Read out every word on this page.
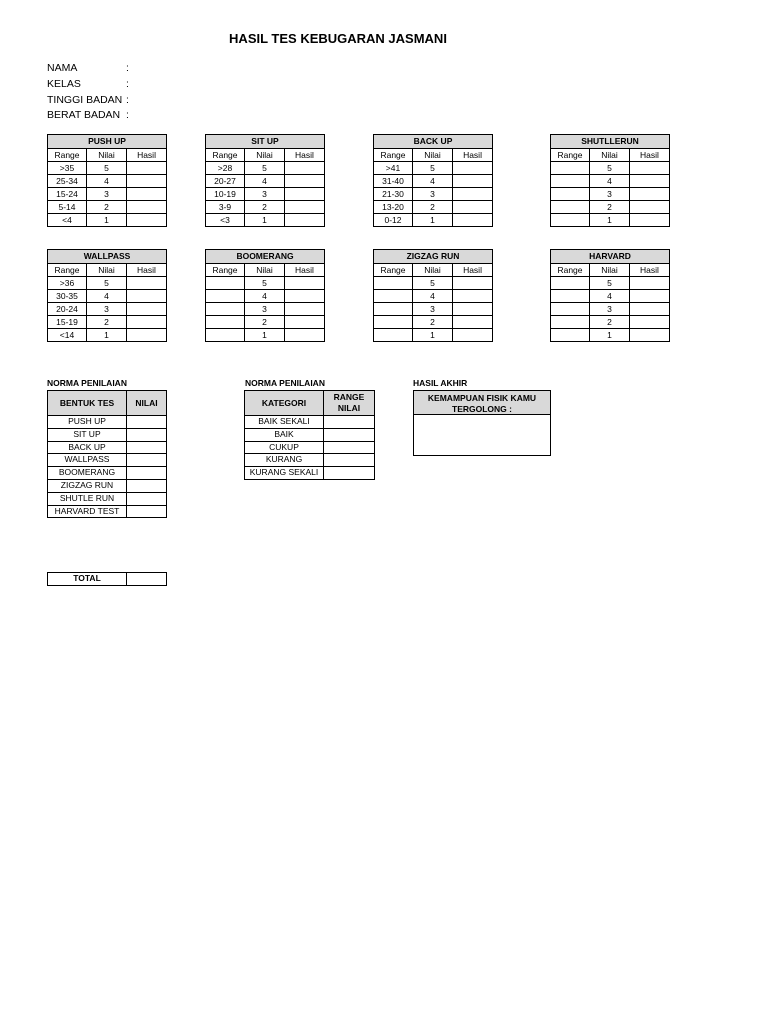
HASIL TES KEBUGARAN JASMANI
NAMA	:
KELAS	:
TINGGI BADAN :
BERAT BADAN :
PUSH UP		
Range	Nilai	Hasil
>35	5	
25-34	4	
15-24	3	
5-14	2	
<4	1	
SIT UP		
Range	Nilai	Hasil
>28	5	
20-27	4	
10-19	3	
3-9	2	
<3	1	
BACK UP		
Range	Nilai	Hasil
>41	5	
31-40	4	
21-30	3	
13-20	2	
0-12	1	
SHUTLLERUN		
Range	Nilai	Hasil
	5	
	4	
	3	
	2	
	1	
WALLPASS		
Range	Nilai	Hasil
>36	5	
30-35	4	
20-24	3	
15-19	2	
<14	1	
BOOMERANG		
Range	Nilai	Hasil
	5	
	4	
	3	
	2	
	1	
ZIGZAG RUN		
Range	Nilai	Hasil
	5	
	4	
	3	
	2	
	1	
HARVARD		
Range	Nilai	Hasil
	5	
	4	
	3	
	2	
	1	
NORMA PENILAIAN
BENTUK TES	NILAI
PUSH UP	
SIT UP	
BACK UP	
WALLPASS	
BOOMERANG	
ZIGZAG RUN	
SHUTLE RUN	
HARVARD TEST	
NORMA PENILAIAN
KATEGORI	RANGE NILAI
BAIK SEKALI	
BAIK	
CUKUP	
KURANG	
KURANG SEKALI	
HASIL AKHIR
KEMAMPUAN FISIK KAMU TERGOLONG :
TOTAL	
